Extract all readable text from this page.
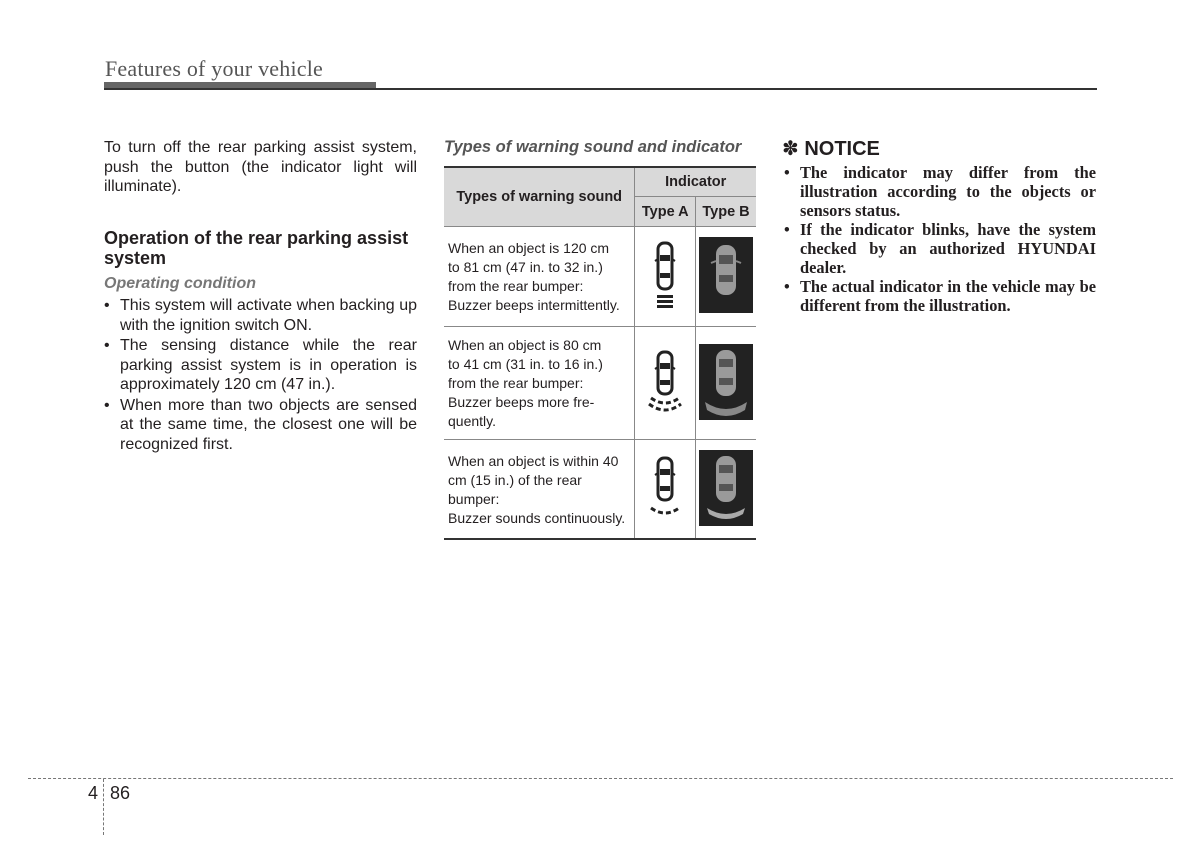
Features of your vehicle

To turn off the rear parking assist system, push the button (the indicator light will illuminate).

Operation of the rear parking assist system

Operating condition

• This system will activate when backing up with the ignition switch ON.
• The sensing distance while the rear parking assist system is in operation is approximately 120 cm (47 in.).
• When more than two objects are sensed at the same time, the closest one will be recognized first.
Types of warning sound and indicator
Types of warning sound	Indicator	
	Type A	Type B

When an object is 120 cm
to 81 cm (47 in. to 32 in.)
from the rear bumper:
Buzzer beeps intermittently.

When an object is 80 cm
to 41 cm (31 in. to 16 in.)
from the rear bumper:
Buzzer beeps more fre-
quently.

When an object is within 40
cm (15 in.) of the rear
bumper:
Buzzer sounds continuously.

✽ NOTICE
• The indicator may differ from the illustration according to the objects or sensors status.
• If the indicator blinks, have the system checked by an authorized HYUNDAI dealer.
• The actual indicator in the vehicle may be different from the illustration.
4 86
